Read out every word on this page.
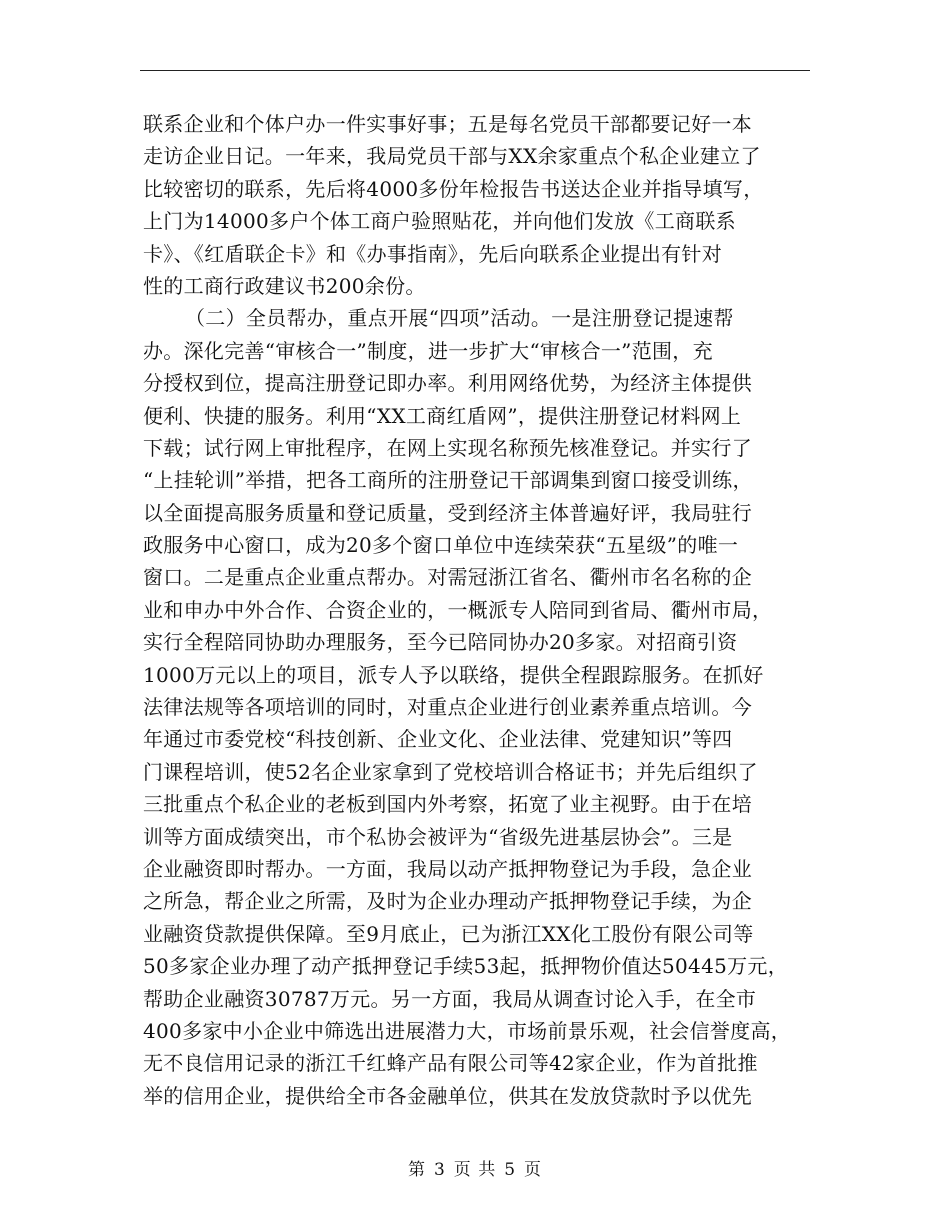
联系企业和个体户办一件实事好事；五是每名党员干部都要记好一本
走访企业日记。一年来，我局党员干部与XX余家重点个私企业建立了
比较密切的联系，先后将4000多份年检报告书送达企业并指导填写，
上门为14000多户个体工商户验照贴花，并向他们发放《工商联系
卡》、《红盾联企卡》和《办事指南》，先后向联系企业提出有针对
性的工商行政建议书200余份。
（二）全员帮办，重点开展“四项”活动。一是注册登记提速帮
办。深化完善“审核合一”制度，进一步扩大“审核合一”范围，充
分授权到位，提高注册登记即办率。利用网络优势，为经济主体提供
便利、快捷的服务。利用“XX工商红盾网”，提供注册登记材料网上
下载；试行网上审批程序，在网上实现名称预先核准登记。并实行了
“上挂轮训”举措，把各工商所的注册登记干部调集到窗口接受训练，
以全面提高服务质量和登记质量，受到经济主体普遍好评，我局驻行
政服务中心窗口，成为20多个窗口单位中连续荣获“五星级”的唯一
窗口。二是重点企业重点帮办。对需冠浙江省名、衢州市名名称的企
业和申办中外合作、合资企业的，一概派专人陪同到省局、衢州市局，
实行全程陪同协助办理服务，至今已陪同协办20多家。对招商引资
1000万元以上的项目，派专人予以联络，提供全程跟踪服务。在抓好
法律法规等各项培训的同时，对重点企业进行创业素养重点培训。今
年通过市委党校“科技创新、企业文化、企业法律、党建知识”等四
门课程培训，使52名企业家拿到了党校培训合格证书；并先后组织了
三批重点个私企业的老板到国内外考察，拓宽了业主视野。由于在培
训等方面成绩突出，市个私协会被评为“省级先进基层协会”。三是
企业融资即时帮办。一方面，我局以动产抵押物登记为手段，急企业
之所急，帮企业之所需，及时为企业办理动产抵押物登记手续，为企
业融资贷款提供保障。至9月底止，已为浙江XX化工股份有限公司等
50多家企业办理了动产抵押登记手续53起，抵押物价值达50445万元，
帮助企业融资30787万元。另一方面，我局从调查讨论入手，在全市
400多家中小企业中筛选出进展潜力大，市场前景乐观，社会信誉度高，
无不良信用记录的浙江千红蜂产品有限公司等42家企业，作为首批推
举的信用企业，提供给全市各金融单位，供其在发放贷款时予以优先
第 3 页 共 5 页
